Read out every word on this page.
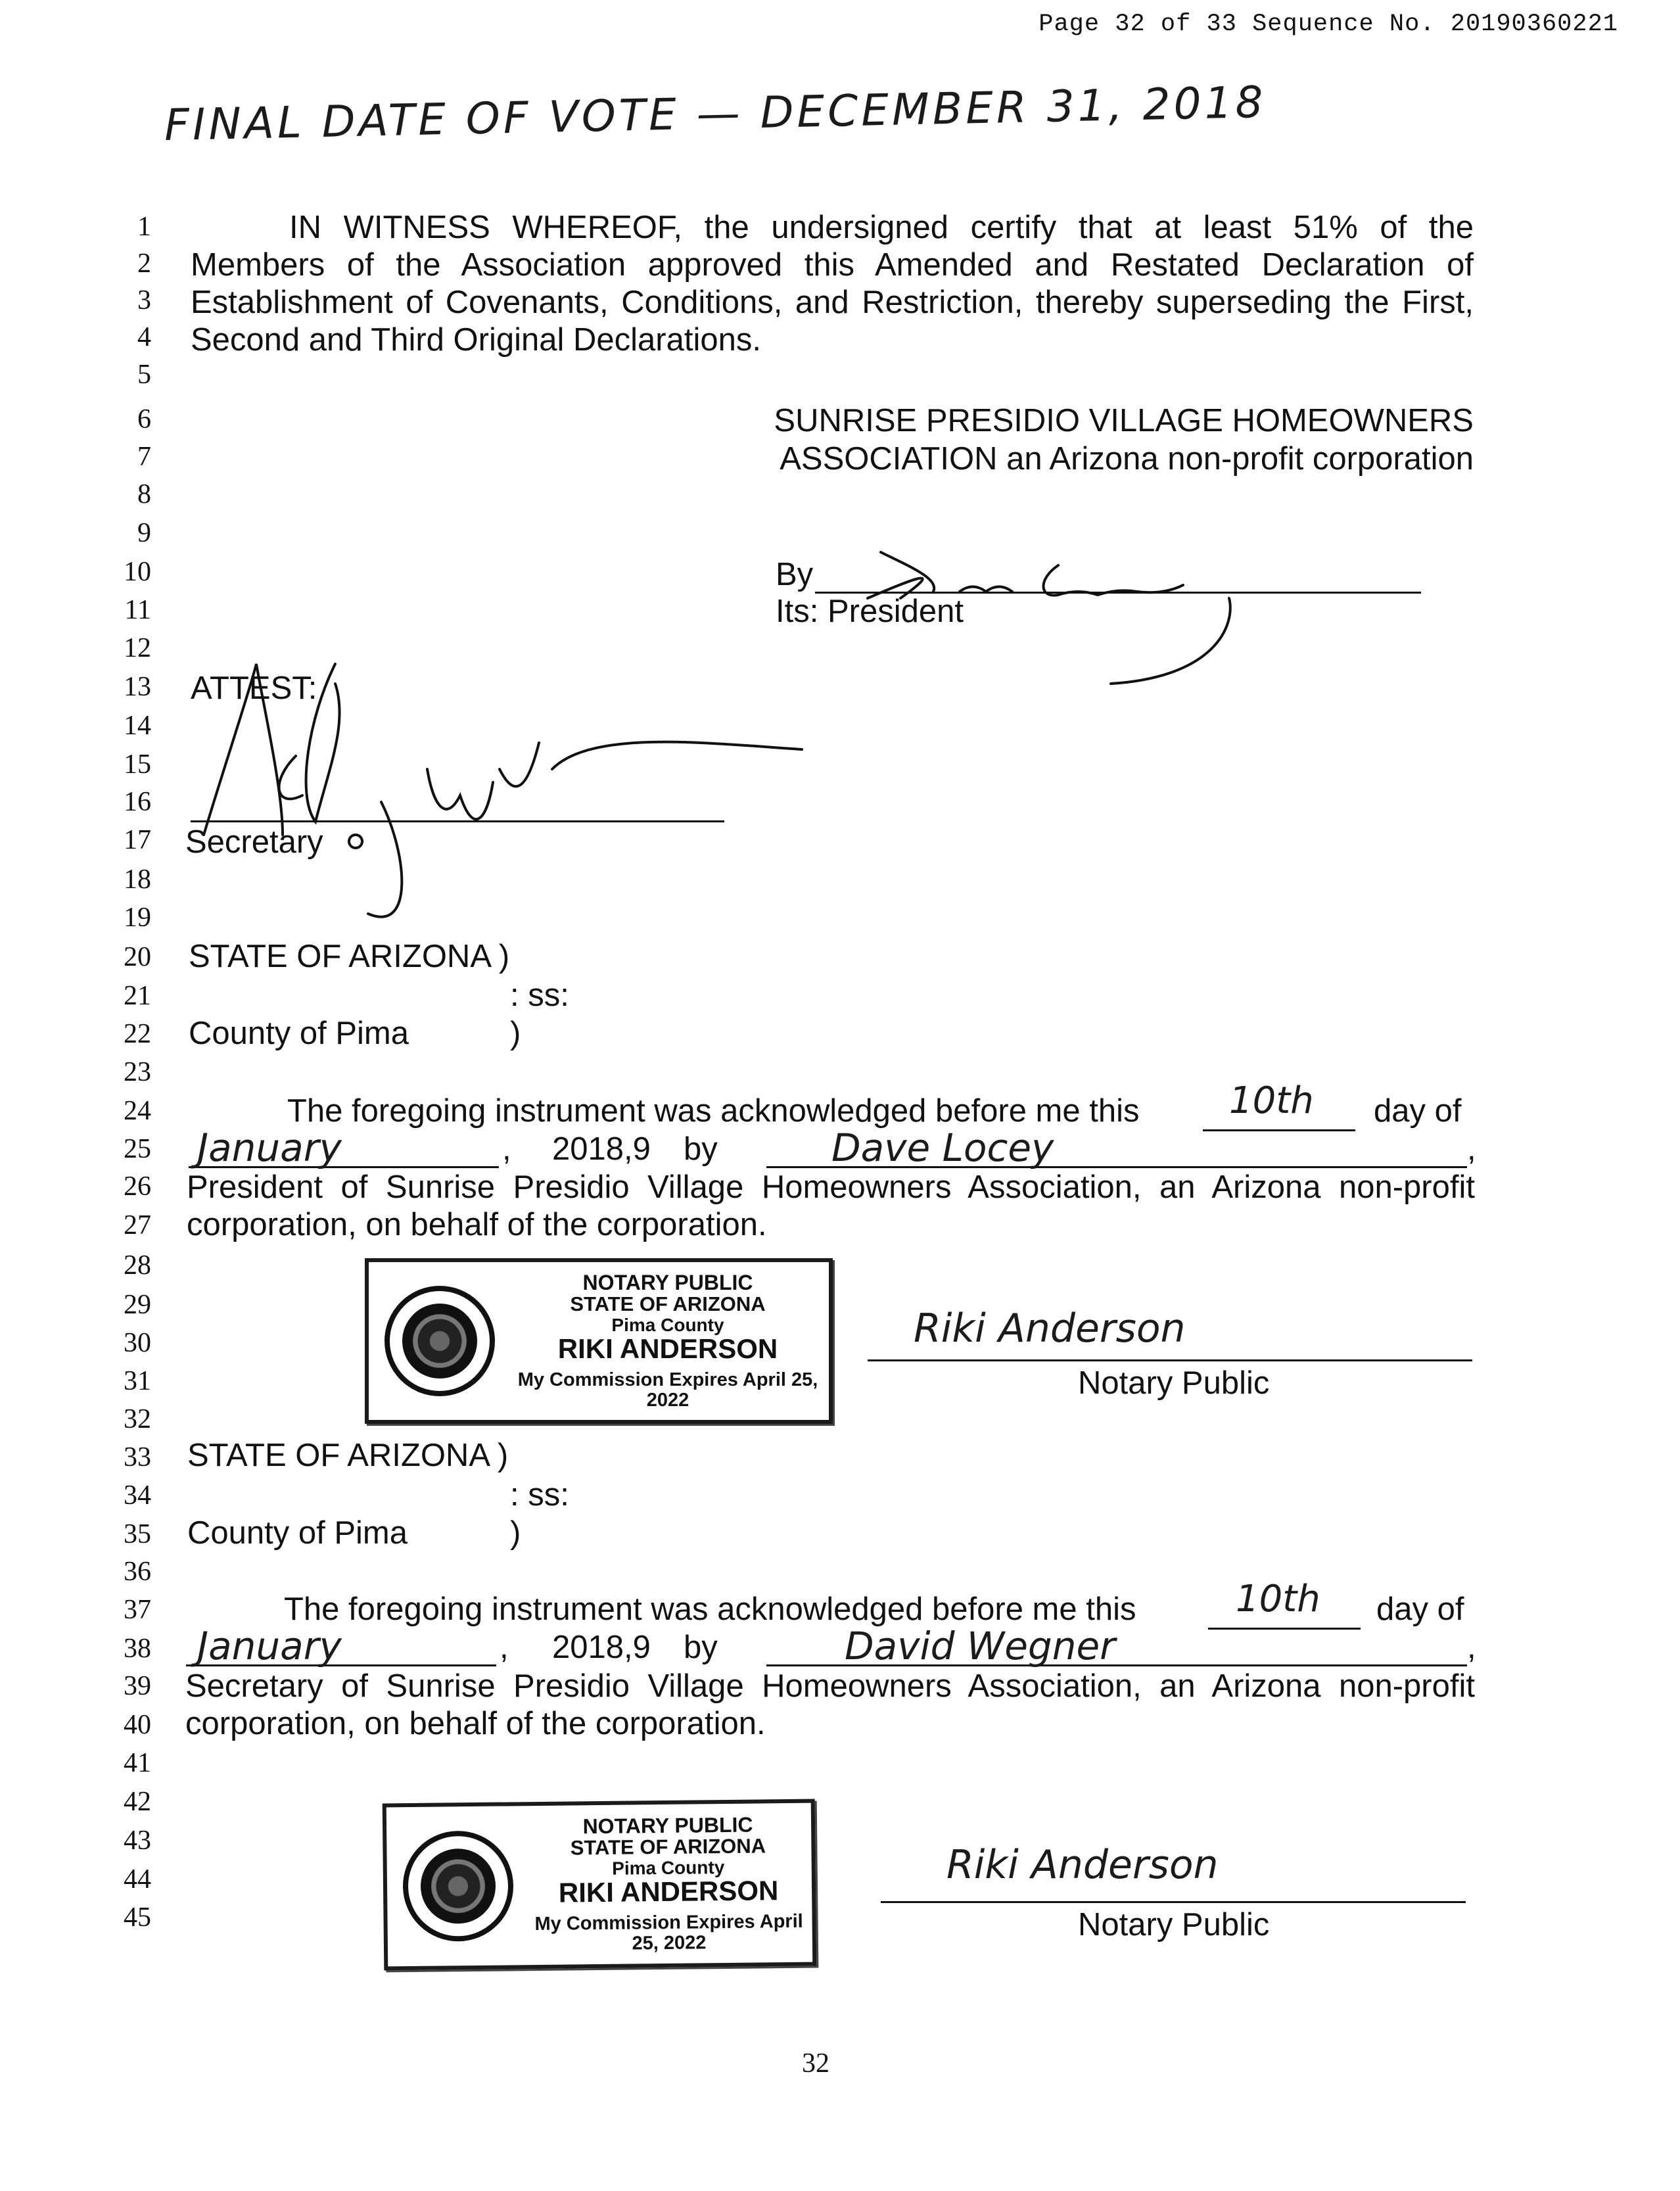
Page 32 of 33 Sequence No. 20190360221
FINAL DATE OF VOTE — DECEMBER 31, 2018
1
2
3
4
5
6
7
8
9
10
11
12
13
14
15
16
17
18
19
20
21
22
23
24
25
26
27
28
29
30
31
32
33
34
35
36
37
38
39
40
41
42
43
44
45
IN WITNESS WHEREOF, the undersigned certify that at least 51% of the
Members of the Association approved this Amended and Restated Declaration of
Establishment of Covenants, Conditions, and Restriction, thereby superseding the First,
Second and Third Original Declarations.
SUNRISE PRESIDIO VILLAGE HOMEOWNERS
ASSOCIATION an Arizona non-profit corporation
By
Its: President
ATTEST:
Secretary
STATE OF ARIZONA )
: ss:
County of Pima	)
The foregoing instrument was acknowledged before me this 10th day of
January	, 2018,9 by	Dave Locey	,
President of Sunrise Presidio Village Homeowners Association, an Arizona non-profit
corporation, on behalf of the corporation.
NOTARY PUBLIC
STATE OF ARIZONA
Pima County
RIKI ANDERSON
My Commission Expires April 25, 2022
Riki Anderson
Notary Public
STATE OF ARIZONA )
: ss:
County of Pima	)
The foregoing instrument was acknowledged before me this	10th day of
January	, 2018,9 by	David Wegner	,
Secretary of Sunrise Presidio Village Homeowners Association, an Arizona non-profit
corporation, on behalf of the corporation.
NOTARY PUBLIC
STATE OF ARIZONA
Pima County
RIKI ANDERSON
My Commission Expires April 25, 2022
Riki Anderson
Notary Public
32
